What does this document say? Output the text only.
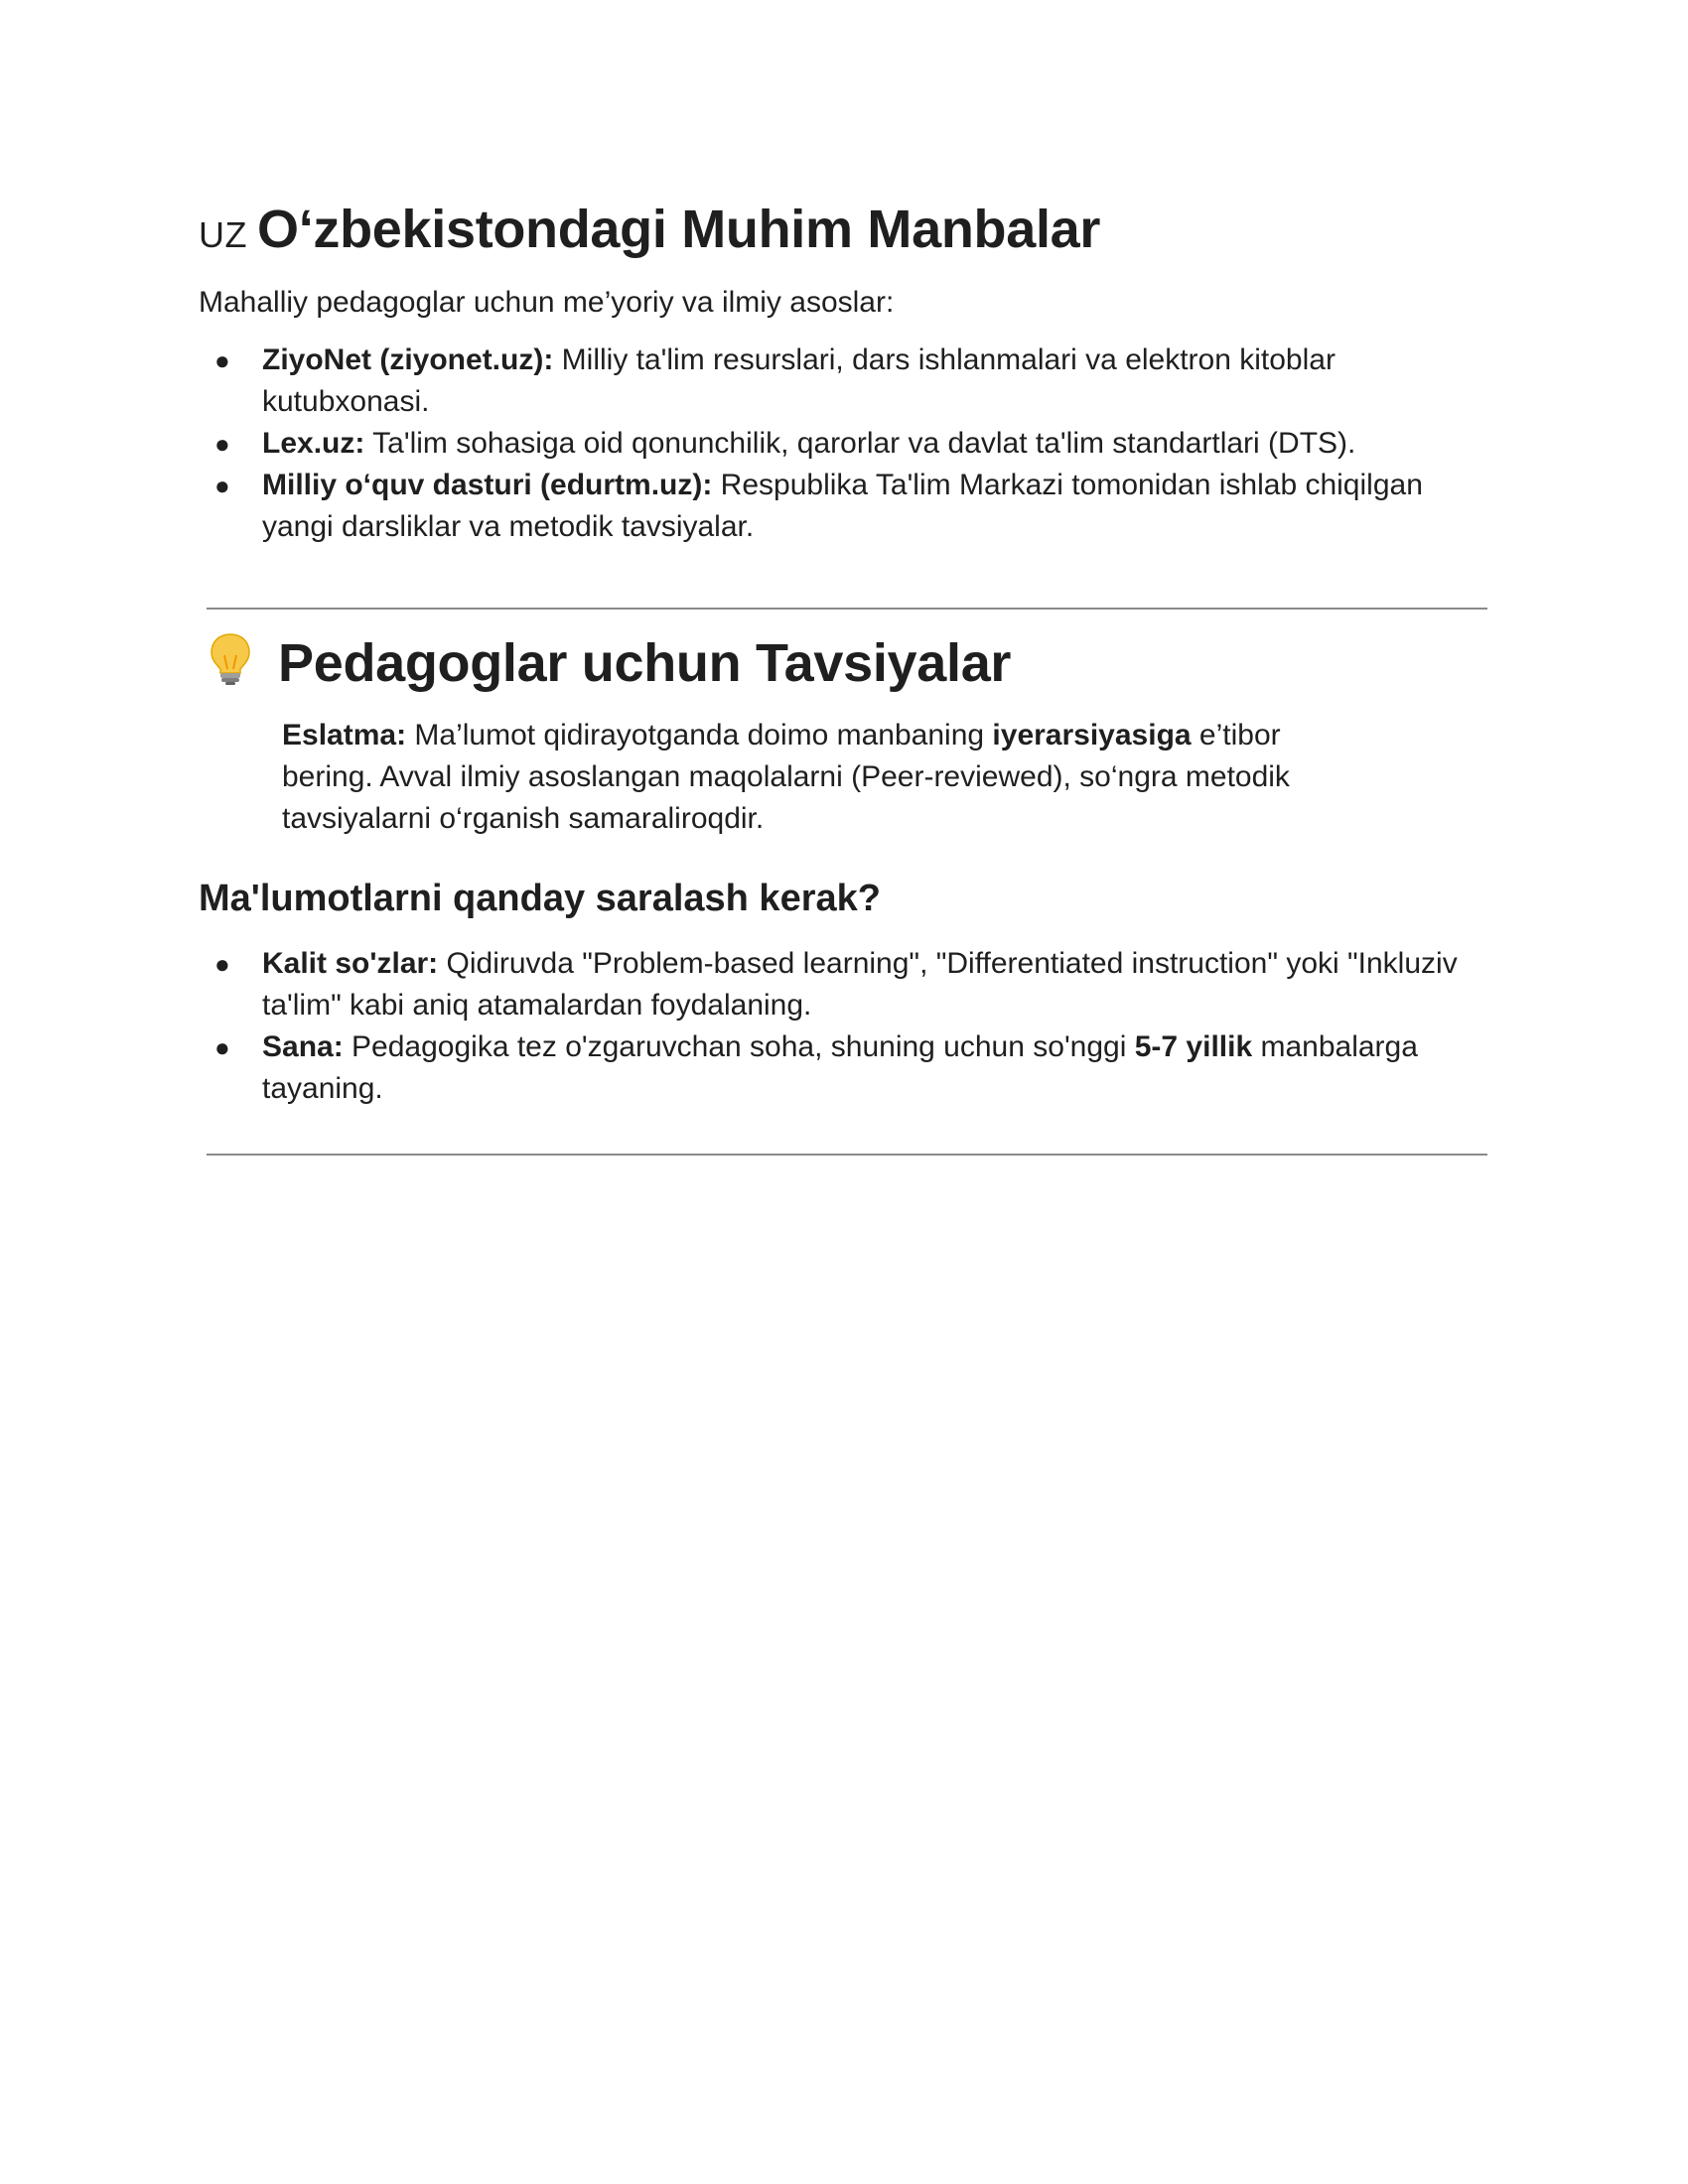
UZ O‘zbekistondagi Muhim Manbalar

Mahalliy pedagoglar uchun me’yoriy va ilmiy asoslar:

● ZiyoNet (ziyonet.uz): Milliy ta'lim resurslari, dars ishlanmalari va elektron kitoblar kutubxonasi.
● Lex.uz: Ta'lim sohasiga oid qonunchilik, qarorlar va davlat ta'lim standartlari (DTS).
● Milliy o‘quv dasturi (edurtm.uz): Respublika Ta'lim Markazi tomonidan ishlab chiqilgan yangi darsliklar va metodik tavsiyalar.
Pedagoglar uchun Tavsiyalar

Eslatma: Ma’lumot qidirayotganda doimo manbaning iyerarsiyasiga e’tibor bering. Avval ilmiy asoslangan maqolalarni (Peer-reviewed), so‘ngra metodik tavsiyalarni o‘rganish samaraliroqdir.

Ma'lumotlarni qanday saralash kerak?
● Kalit so'zlar: Qidiruvda "Problem-based learning", "Differentiated instruction" yoki "Inkluziv ta'lim" kabi aniq atamalardan foydalaning.
● Sana: Pedagogika tez o'zgaruvchan soha, shuning uchun so'nggi 5-7 yillik manbalarga tayaning.
